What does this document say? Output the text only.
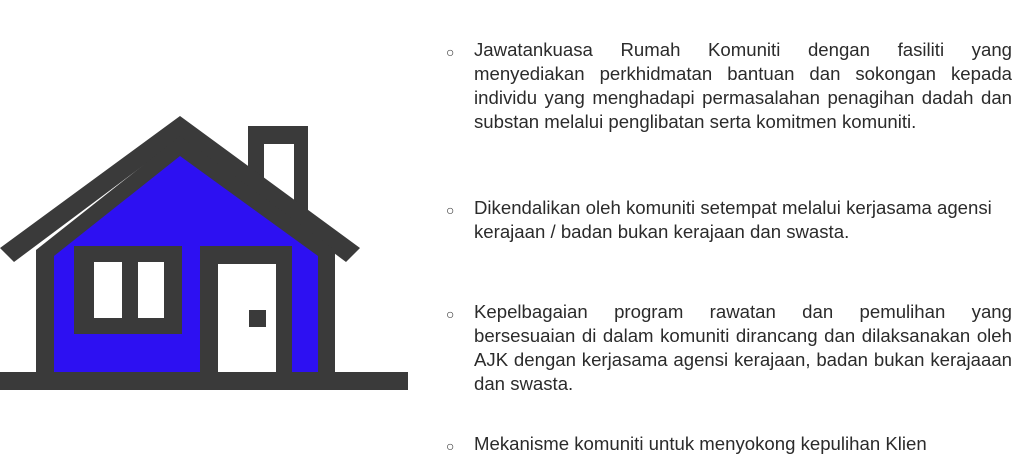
○	Jawatankuasa Rumah Komuniti dengan fasiliti yang menyediakan perkhidmatan bantuan dan sokongan kepada individu yang menghadapi permasalahan penagihan dadah dan substan melalui penglibatan serta komitmen komuniti.
○	Dikendalikan oleh komuniti setempat melalui kerjasama agensi kerajaan / badan bukan kerajaan dan swasta.
○	Kepelbagaian program rawatan dan pemulihan yang bersesuaian di dalam komuniti dirancang dan dilaksanakan oleh AJK dengan kerjasama agensi kerajaan, badan bukan kerajaaan dan swasta.
○	Mekanisme komuniti untuk menyokong kepulihan Klien
